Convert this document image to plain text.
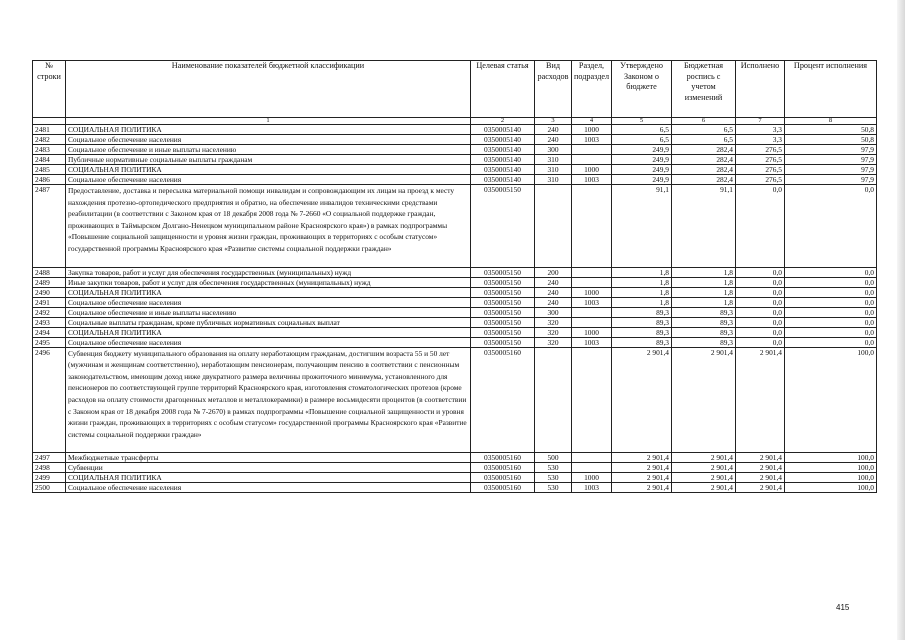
№ строки	Наименование показателей бюджетной классификации	Целевая статья	Вид расходов	Раздел, подраздел	Утверждено Законом о бюджете	Бюджетная роспись с учетом изменений	Исполнено	Процент исполнения
	1	2	3	4	5	6	7	8
2481	СОЦИАЛЬНАЯ ПОЛИТИКА	0350005140	240	1000	6,5	6,5	3,3	50,8
2482	Социальное обеспечение населения	0350005140	240	1003	6,5	6,5	3,3	50,8
2483	Социальное обеспечение и иные выплаты населению	0350005140	300		249,9	282,4	276,5	97,9
2484	Публичные нормативные социальные выплаты гражданам	0350005140	310		249,9	282,4	276,5	97,9
2485	СОЦИАЛЬНАЯ ПОЛИТИКА	0350005140	310	1000	249,9	282,4	276,5	97,9
2486	Социальное обеспечение населения	0350005140	310	1003	249,9	282,4	276,5	97,9
2487	Предоставление, доставка и пересылка материальной помощи инвалидам и сопровождающим их лицам на проезд к месту нахождения протезно-ортопедического предприятия и обратно, на обеспечение инвалидов техническими средствами реабилитации (в соответствии с Законом края от 18 декабря 2008 года № 7-2660 «О социальной поддержке граждан, проживающих в Таймырском Долгано-Ненецком муниципальном районе Красноярского края») в рамках подпрограммы «Повышение социальной защищенности и уровня жизни граждан, проживающих в территориях с особым статусом» государственной программы Красноярского края «Развитие системы социальной поддержки граждан»	0350005150			91,1	91,1	0,0	0,0

2488	Закупка товаров, работ и услуг для обеспечения государственных (муниципальных) нужд	0350005150	200		1,8	1,8	0,0	0,0
2489	Иные закупки товаров, работ и услуг для обеспечения государственных (муниципальных) нужд	0350005150	240		1,8	1,8	0,0	0,0
2490	СОЦИАЛЬНАЯ ПОЛИТИКА	0350005150	240	1000	1,8	1,8	0,0	0,0
2491	Социальное обеспечение населения	0350005150	240	1003	1,8	1,8	0,0	0,0
2492	Социальное обеспечение и иные выплаты населению	0350005150	300		89,3	89,3	0,0	0,0
2493	Социальные выплаты гражданам, кроме публичных нормативных социальных выплат	0350005150	320		89,3	89,3	0,0	0,0
2494	СОЦИАЛЬНАЯ ПОЛИТИКА	0350005150	320	1000	89,3	89,3	0,0	0,0
2495	Социальное обеспечение населения	0350005150	320	1003	89,3	89,3	0,0	0,0
2496	Субвенция бюджету муниципального образования на оплату неработающим гражданам, достигшим возраста 55 и 50 лет (мужчинам и женщинам соответственно), неработающим пенсионерам, получающим пенсию в соответствии с пенсионным законодательством, имеющим доход ниже двукратного размера величины прожиточного минимума, установленного для пенсионеров по соответствующей группе территорий Красноярского края, изготовления стоматологических протезов (кроме расходов на оплату стоимости драгоценных металлов и металлокерамики) в размере восьмидесяти процентов (в соответствии с Законом края от 18 декабря 2008 года № 7-2670) в рамках подпрограммы «Повышение социальной защищенности и уровня жизни граждан, проживающих в территориях с особым статусом» государственной программы Красноярского края «Развитие системы социальной поддержки граждан»	0350005160			2 901,4	2 901,4	2 901,4	100,0

2497	Межбюджетные трансферты	0350005160	500		2 901,4	2 901,4	2 901,4	100,0
2498	Субвенции	0350005160	530		2 901,4	2 901,4	2 901,4	100,0
2499	СОЦИАЛЬНАЯ ПОЛИТИКА	0350005160	530	1000	2 901,4	2 901,4	2 901,4	100,0
2500	Социальное обеспечение населения	0350005160	530	1003	2 901,4	2 901,4	2 901,4	100,0
415
